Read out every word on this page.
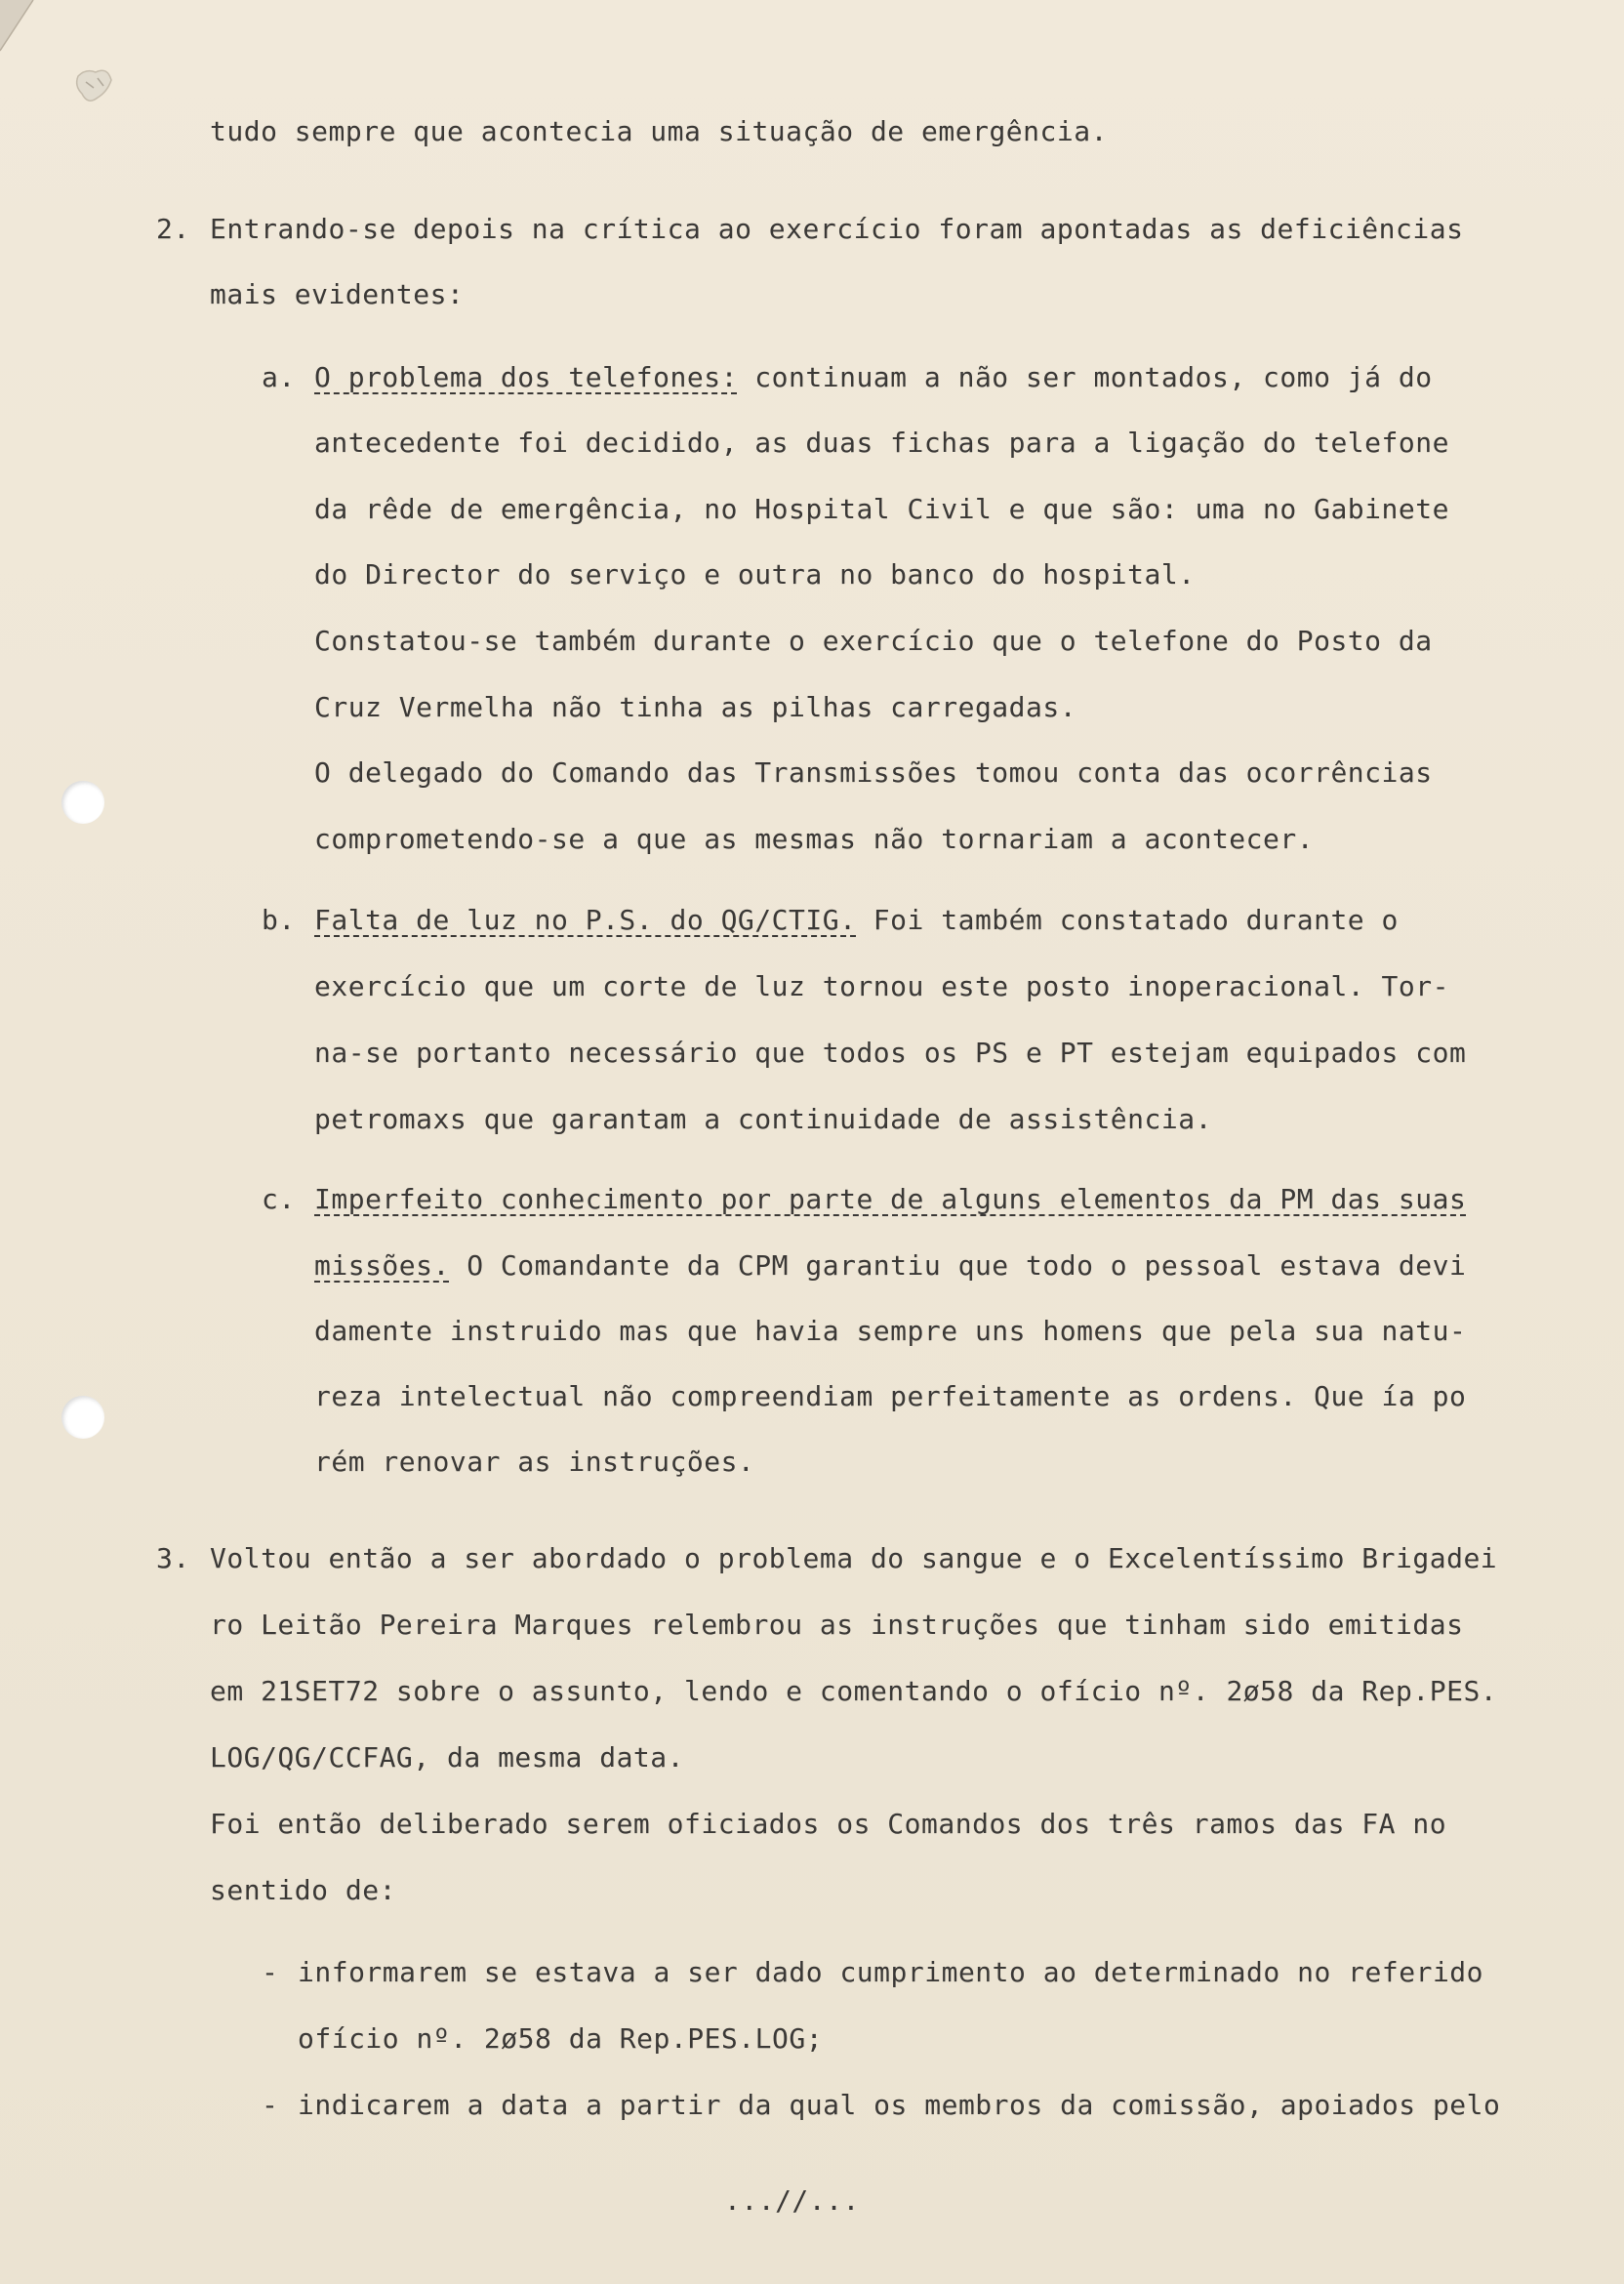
tudo sempre que acontecia uma situação de emergência.
2. Entrando-se depois na crítica ao exercício foram apontadas as deficiências
mais evidentes:
a. O problema dos telefones: continuam a não ser montados, como já do
antecedente foi decidido, as duas fichas para a ligação do telefone
da rêde de emergência, no Hospital Civil e que são: uma no Gabinete
do Director do serviço e outra no banco do hospital.
Constatou-se também durante o exercício que o telefone do Posto da
Cruz Vermelha não tinha as pilhas carregadas.
O delegado do Comando das Transmissões tomou conta das ocorrências
comprometendo-se a que as mesmas não tornariam a acontecer.
b. Falta de luz no P.S. do QG/CTIG. Foi também constatado durante o
exercício que um corte de luz tornou este posto inoperacional. Tor-
na-se portanto necessário que todos os PS e PT estejam equipados com
petromaxs que garantam a continuidade de assistência.
c. Imperfeito conhecimento por parte de alguns elementos da PM das suas
missões. O Comandante da CPM garantiu que todo o pessoal estava devi
damente instruido mas que havia sempre uns homens que pela sua natu-
reza intelectual não compreendiam perfeitamente as ordens. Que ía po
rém renovar as instruções.
3. Voltou então a ser abordado o problema do sangue e o Excelentíssimo Brigadei
ro Leitão Pereira Marques relembrou as instruções que tinham sido emitidas
em 21SET72 sobre o assunto, lendo e comentando o ofício nº. 2ø58 da Rep.PES.
LOG/QG/CCFAG, da mesma data.
Foi então deliberado serem oficiados os Comandos dos três ramos das FA no
sentido de:
- informarem se estava a ser dado cumprimento ao determinado no referido
ofício nº. 2ø58 da Rep.PES.LOG;
- indicarem a data a partir da qual os membros da comissão, apoiados pelo
...//...
